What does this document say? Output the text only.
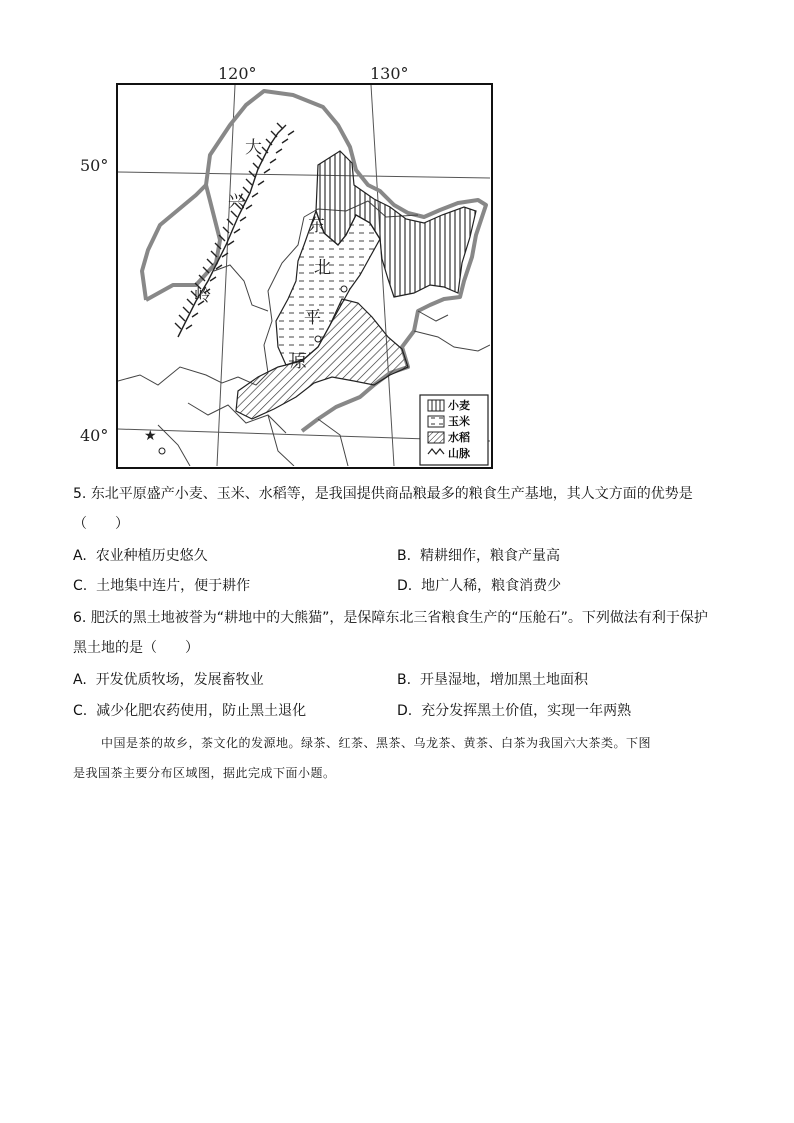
120°	130°
50°
40°	★
大
兴
岭
东
北
平
原
小麦
玉米
水稻
山脉
5. 东北平原盛产小麦、玉米、水稻等，是我国提供商品粮最多的粮食生产基地，其人文方面的优势是
（　　）
A. 农业种植历史悠久	B. 精耕细作，粮食产量高
C. 土地集中连片，便于耕作	D. 地广人稀，粮食消费少
6. 肥沃的黑土地被誉为“耕地中的大熊猫”，是保障东北三省粮食生产的“压舱石”。下列做法有利于保护
黑土地的是（　　）
A. 开发优质牧场，发展畜牧业	B. 开垦湿地，增加黑土地面积
C. 减少化肥农药使用，防止黑土退化	D. 充分发挥黑土价值，实现一年两熟
中国是茶的故乡，茶文化的发源地。绿茶、红茶、黑茶、乌龙茶、黄茶、白茶为我国六大茶类。下图
是我国茶主要分布区域图，据此完成下面小题。
